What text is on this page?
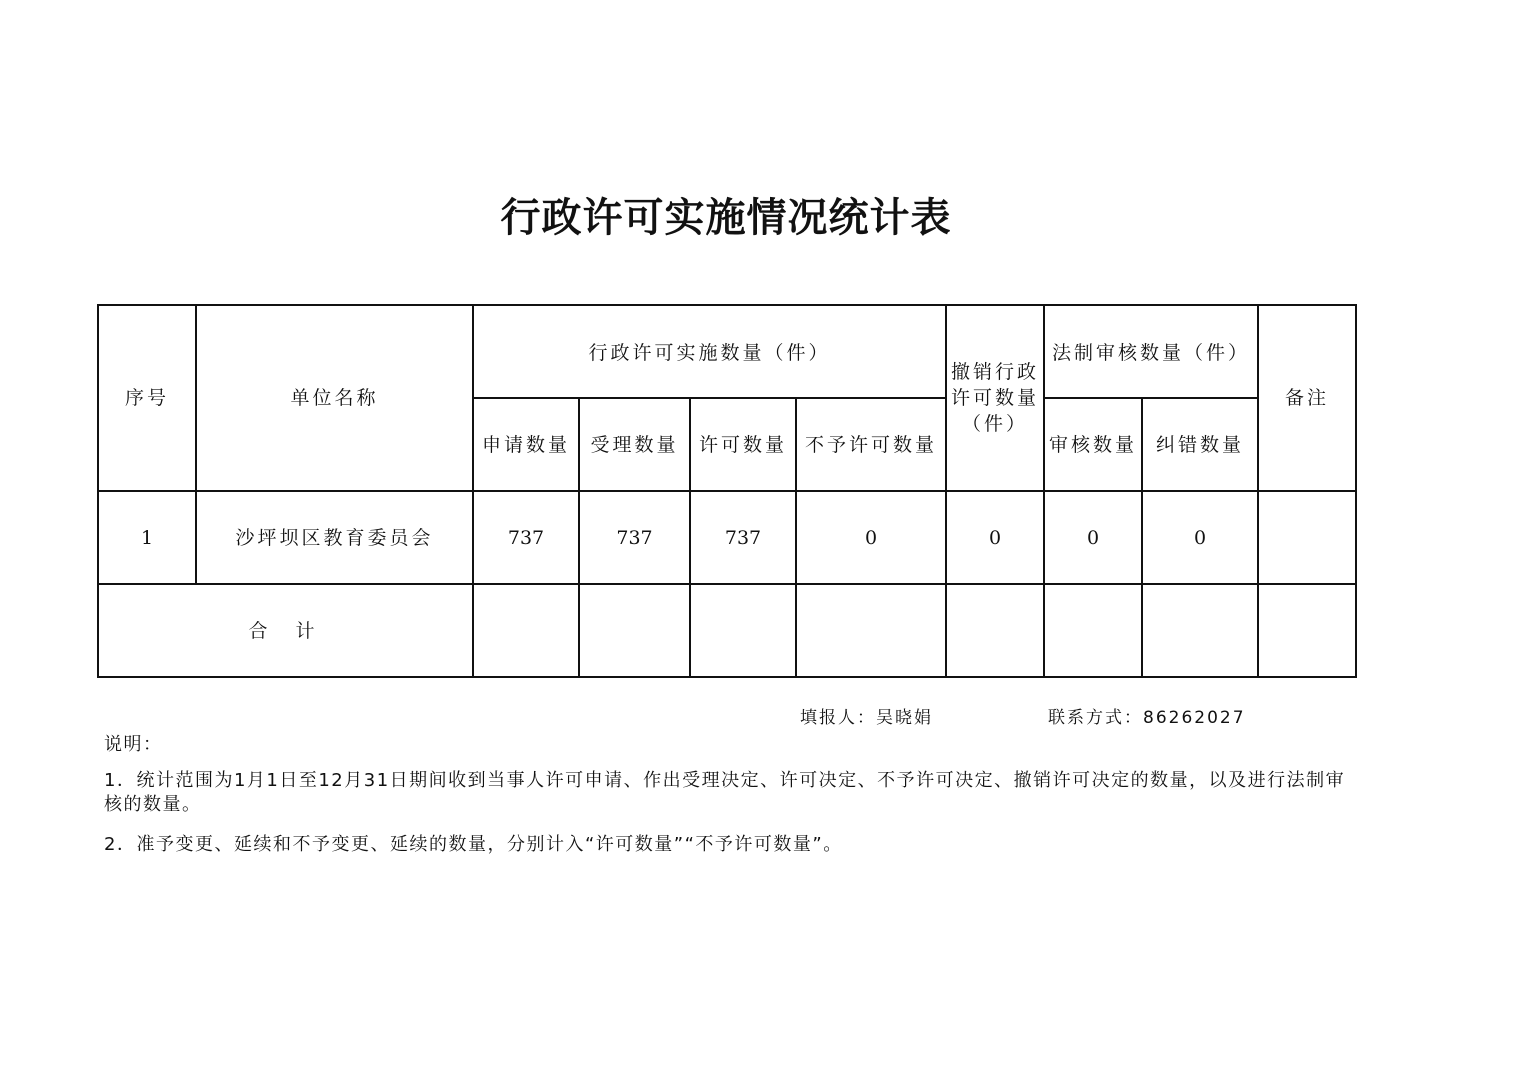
行政许可实施情况统计表
序号	单位名称	行政许可实施数量（件）				撤销行政许可数量（件）	法制审核数量（件）		备注
		申请数量	受理数量	许可数量	不予许可数量		审核数量	纠错数量	
1	沙坪坝区教育委员会	737	737	737	0	0	0	0	
合计									
填报人：吴晓娟	联系方式：86262027

说明：

1．统计范围为1月1日至12月31日期间收到当事人许可申请、作出受理决定、许可决定、不予许可决定、撤销许可决定的数量，以及进行法制审核的数量。

2．准予变更、延续和不予变更、延续的数量，分别计入“许可数量”“不予许可数量”。
